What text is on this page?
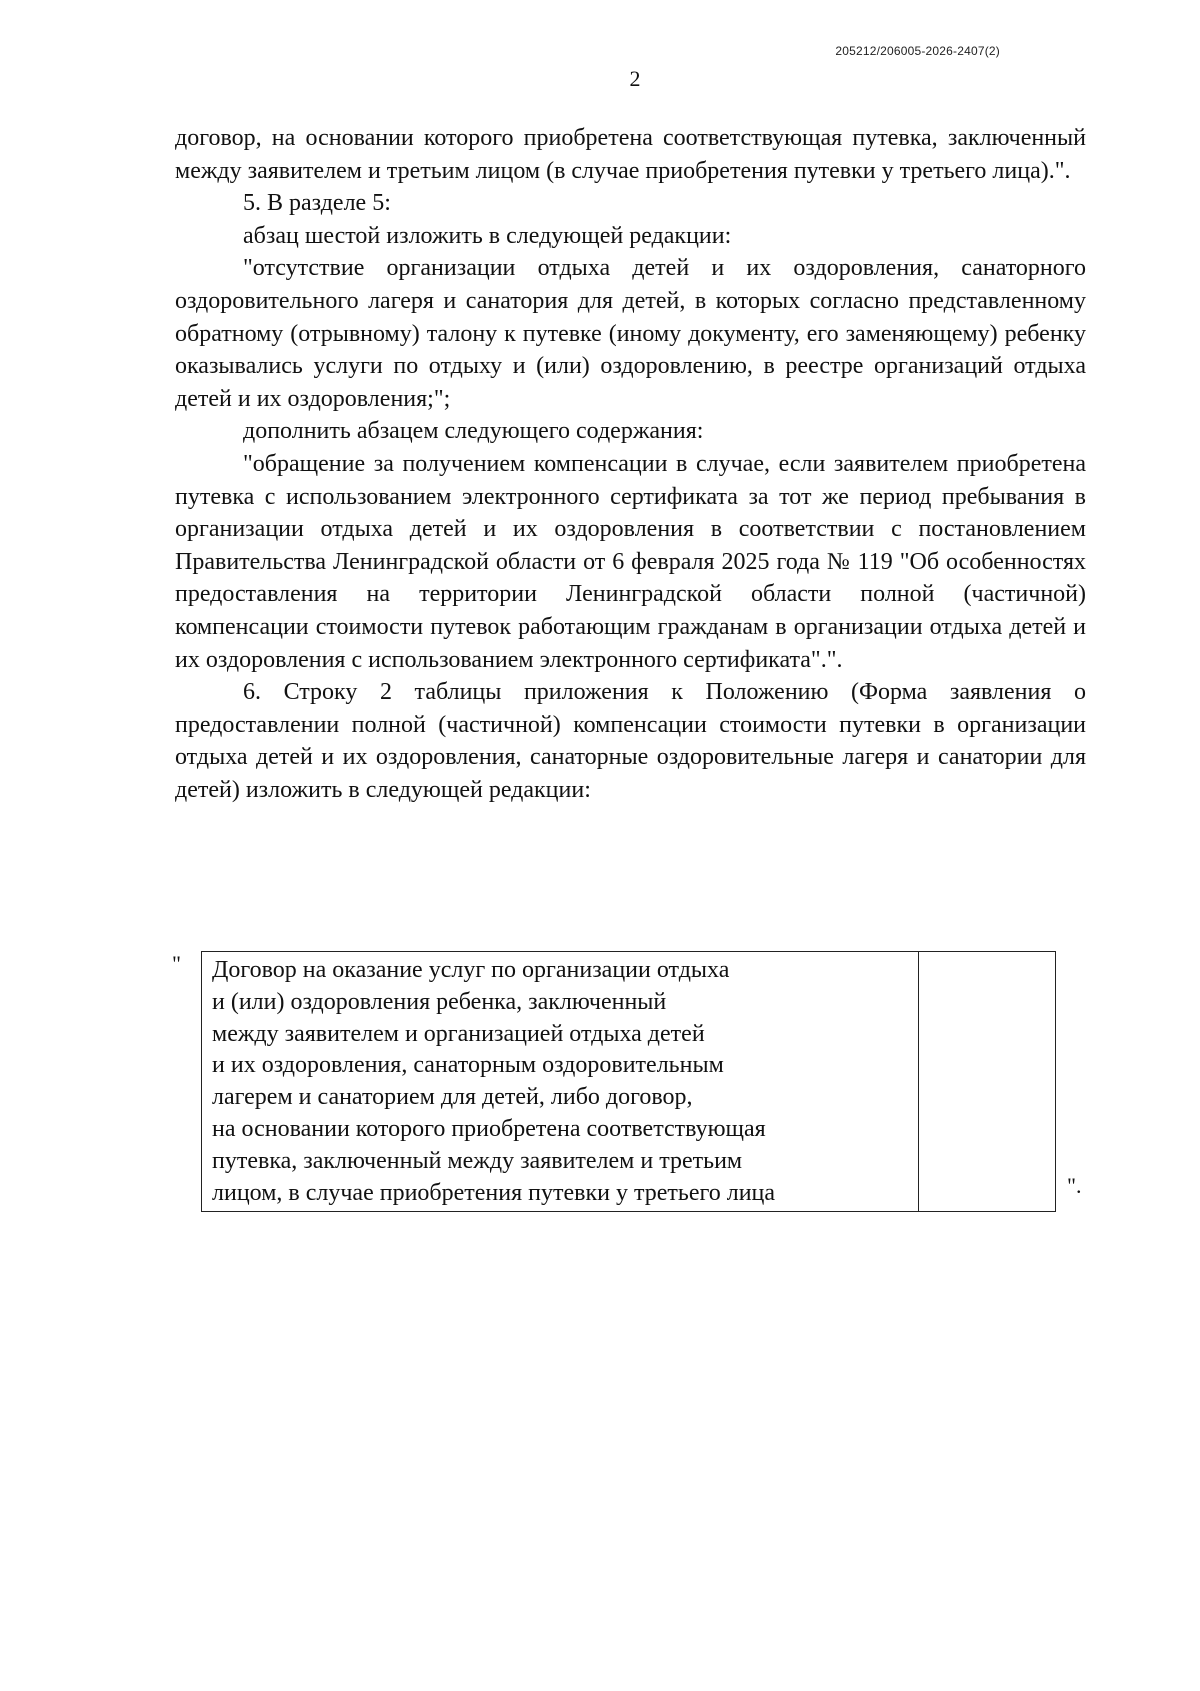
205212/206005-2026-2407(2)
2

договор, на основании которого приобретена соответствующая путевка, заключенный между заявителем и третьим лицом (в случае приобретения путевки у третьего лица).".

5. В разделе 5:

абзац шестой изложить в следующей редакции:

"отсутствие организации отдыха детей и их оздоровления, санаторного оздоровительного лагеря и санатория для детей, в которых согласно представленному обратному (отрывному) талону к путевке (иному документу, его заменяющему) ребенку оказывались услуги по отдыху и (или) оздоровлению, в реестре организаций отдыха детей и их оздоровления;";

дополнить абзацем следующего содержания:

"обращение за получением компенсации в случае, если заявителем приобретена путевка с использованием электронного сертификата за тот же период пребывания в организации отдыха детей и их оздоровления в соответствии с постановлением Правительства Ленинградской области от 6 февраля 2025 года № 119 "Об особенностях предоставления на территории Ленинградской области полной (частичной) компенсации стоимости путевок работающим гражданам в организации отдыха детей и их оздоровления с использованием электронного сертификата".".

6. Строку 2 таблицы приложения к Положению (Форма заявления о предоставлении полной (частичной) компенсации стоимости путевки в организации отдыха детей и их оздоровления, санаторные оздоровительные лагеря и санатории для детей) изложить в следующей редакции:

" Договор на оказание услуг по организации отдыха
и (или) оздоровления ребенка, заключенный
между заявителем и организацией отдыха детей
и их оздоровления, санаторным оздоровительным
лагерем и санаторием для детей, либо договор,
на основании которого приобретена соответствующая
путевка, заключенный между заявителем и третьим
лицом, в случае приобретения путевки у третьего лица
		".
